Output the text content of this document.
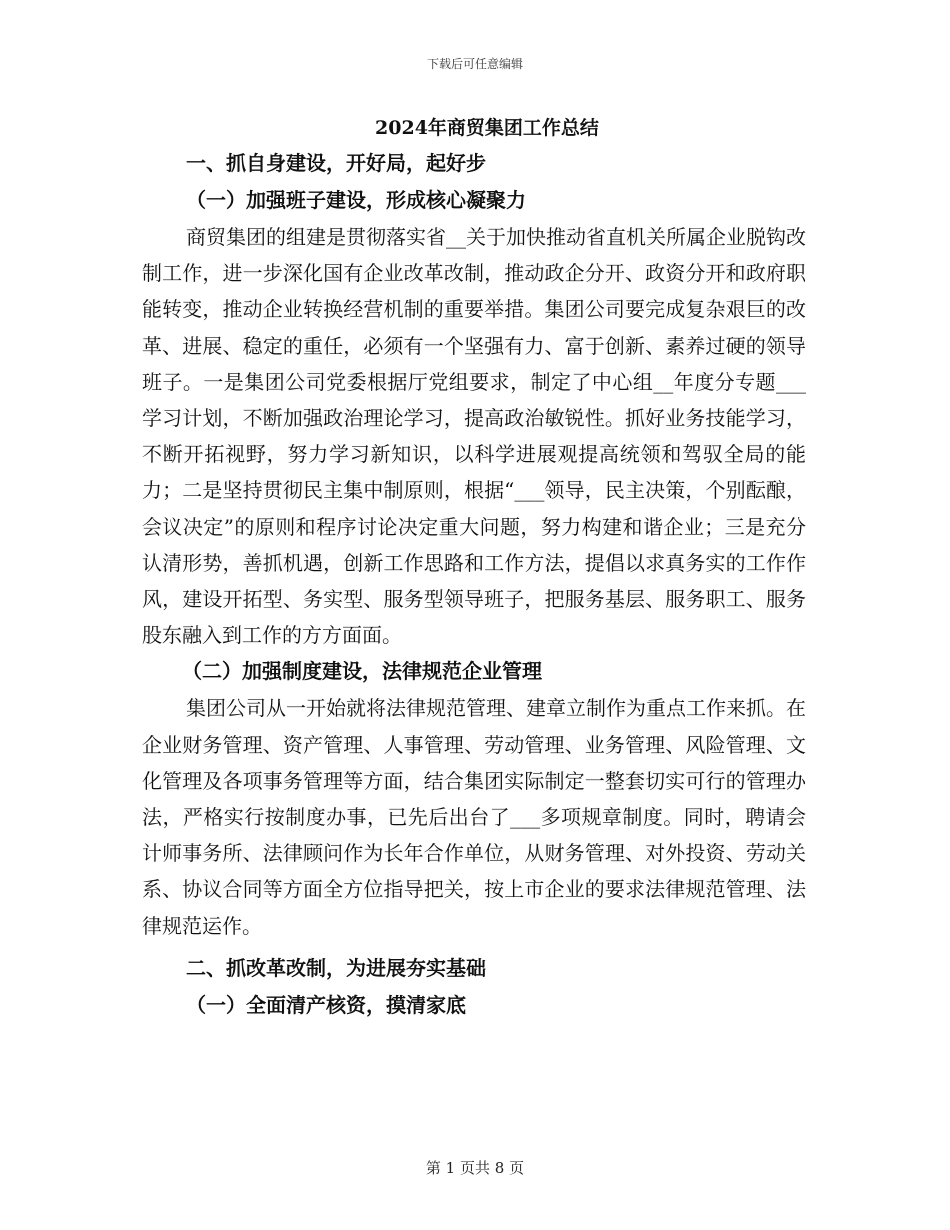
下载后可任意编辑
2024年商贸集团工作总结
一、抓自身建设，开好局，起好步
（一）加强班子建设，形成核心凝聚力

商贸集团的组建是贯彻落实省__关于加快推动省直机关所属企业脱钩改制工作，进一步深化国有企业改革改制，推动政企分开、政资分开和政府职能转变，推动企业转换经营机制的重要举措。集团公司要完成复杂艰巨的改革、进展、稳定的重任，必须有一个坚强有力、富于创新、素养过硬的领导班子。一是集团公司党委根据厅党组要求，制定了中心组__年度分专题___学习计划，不断加强政治理论学习，提高政治敏锐性。抓好业务技能学习，不断开拓视野，努力学习新知识，以科学进展观提高统领和驾驭全局的能力；二是坚持贯彻民主集中制原则，根据“___领导，民主决策，个别酝酿，会议决定”的原则和程序讨论决定重大问题，努力构建和谐企业；三是充分认清形势，善抓机遇，创新工作思路和工作方法，提倡以求真务实的工作作风，建设开拓型、务实型、服务型领导班子，把服务基层、服务职工、服务股东融入到工作的方方面面。

（二）加强制度建设，法律规范企业管理

集团公司从一开始就将法律规范管理、建章立制作为重点工作来抓。在企业财务管理、资产管理、人事管理、劳动管理、业务管理、风险管理、文化管理及各项事务管理等方面，结合集团实际制定一整套切实可行的管理办法，严格实行按制度办事，已先后出台了___多项规章制度。同时，聘请会计师事务所、法律顾问作为长年合作单位，从财务管理、对外投资、劳动关系、协议合同等方面全方位指导把关，按上市企业的要求法律规范管理、法律规范运作。

二、抓改革改制，为进展夯实基础
（一）全面清产核资，摸清家底
第 1 页共 8 页
